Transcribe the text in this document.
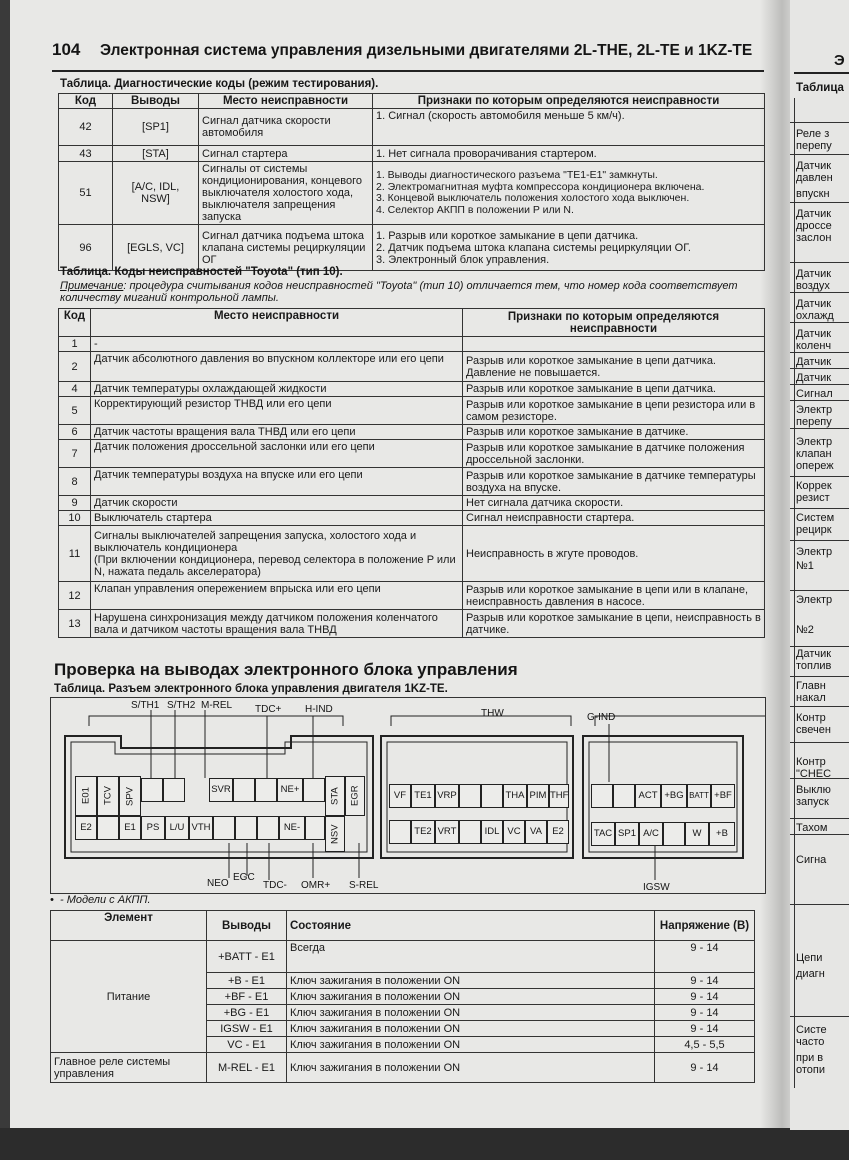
104 Электронная система управления дизельными двигателями 2L-THE, 2L-TE и 1KZ-TE
Таблица. Диагностические коды (режим тестирования).
Код	Выводы	Место неисправности	Признаки по которым определяются неисправности
42	[SP1]	Сигнал датчика скорости автомобиля	1. Сигнал (скорость автомобиля меньше 5 км/ч).
43	[STA]	Сигнал стартера	1. Нет сигнала проворачивания стартером.
51	[A/C, IDL, NSW]	Сигналы от системы кондиционирования, концевого выключателя холостого хода, выключателя запрещения запуска	1. Выводы диагностического разъема "TE1-E1" замкнуты.
2. Электромагнитная муфта компрессора кондиционера включена.
3. Концевой выключатель положения холостого хода выключен.
4. Селектор АКПП в положении P или N.
96	[EGLS, VC]	Сигнал датчика подъема штока клапана системы рециркуляции ОГ	1. Разрыв или короткое замыкание в цепи датчика.
2. Датчик подъема штока клапана системы рециркуляции ОГ.
3. Электронный блок управления.
Таблица. Коды неисправностей "Toyota" (тип 10).
Примечание: процедура считывания кодов неисправностей "Toyota" (тип 10) отличается тем, что номер кода соответствует количеству миганий контрольной лампы.
Код	Место неисправности	Признаки по которым определяются неисправности
1	-	
2	Датчик абсолютного давления во впускном коллекторе или его цепи	Разрыв или короткое замыкание в цепи датчика. Давление не повышается.
4	Датчик температуры охлаждающей жидкости	Разрыв или короткое замыкание в цепи датчика.
5	Корректирующий резистор ТНВД или его цепи	Разрыв или короткое замыкание в цепи резистора или в самом резисторе.
6	Датчик частоты вращения вала ТНВД или его цепи	Разрыв или короткое замыкание в датчике.
7	Датчик положения дроссельной заслонки или его цепи	Разрыв или короткое замыкание в датчике положения дроссельной заслонки.
8	Датчик температуры воздуха на впуске или его цепи	Разрыв или короткое замыкание в датчике температуры воздуха на впуске.
9	Датчик скорости	Нет сигнала датчика скорости.
10	Выключатель стартера	Сигнал неисправности стартера.
11	Сигналы выключателей запрещения запуска, холостого хода и выключатель кондиционера
(При включении кондиционера, перевод селектора в положение P или N, нажата педаль акселератора)	Неисправность в жгуте проводов.
12	Клапан управления опережением впрыска или его цепи	Разрыв или короткое замыкание в цепи или в клапане, неисправность давления в насосе.
13	Нарушена синхронизация между датчиком положения коленчатого вала и датчиком частоты вращения вала ТНВД	Разрыв или короткое замыкание в цепи, неисправность в датчике.
Проверка на выводах электронного блока управления
Таблица. Разъем электронного блока управления двигателя 1KZ-TE.
S/TH1 S/TH2 M-REL TDC+ H-IND	THW	G-IND
NEO
EGC
TDC- OMR+ S-REL	IGSW
E01	TCV	SPV	SVR	NE+	STA EGR
E2	E1	PS	L/U VTH	NE-	NSV
VF TE1 VRP	THA PIM THF
TE2 VRT	IDL VC VA	E2
ACT +BG BATT +BF
TAC SP1 A/C	W	+B
•  - Модели с АКПП.
Элемент	Выводы	Состояние	Напряжение (В)
Питание	+BATT - E1	Всегда	9 - 14
	+B - E1	Ключ зажигания в положении ON	9 - 14
	+BF - E1	Ключ зажигания в положении ON	9 - 14
	+BG - E1	Ключ зажигания в положении ON	9 - 14
	IGSW - E1	Ключ зажигания в положении ON	9 - 14
	VC - E1	Ключ зажигания в положении ON	4,5 - 5,5
Главное реле системы управления	M-REL - E1	Ключ зажигания в положении ON	9 - 14
Э
Таблица
Реле з
перепу
Датчик
давлен
впускн
Датчик
дроссе
заслон
Датчик
воздух
Датчик
охлажд
Датчик
коленч
Датчик
Датчик
Сигнал
Электр
перепу
Электр
клапан
опереж
Коррек
резист
Систем
рецирк
Электр
№1
Электр
№2
Датчик
топлив
Главн
накал
Контр
свечен
Контр
"CHEC
Выклю
запуск
Тахом
Сигна
Цепи
диагн
Систе
часто
при в
отопи
